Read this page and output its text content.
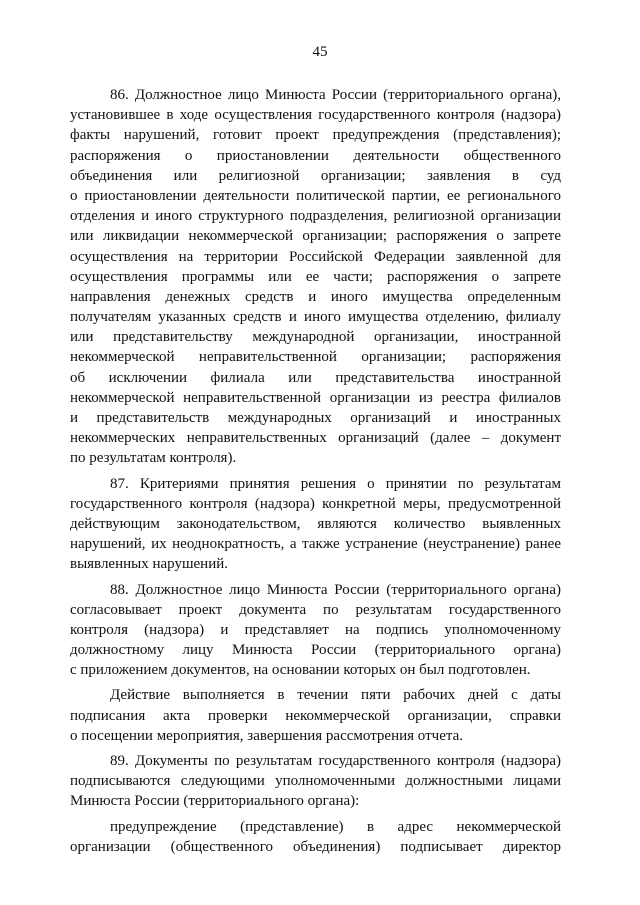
45
86. Должностное лицо Минюста России (территориального органа),
установившее в ходе осуществления государственного контроля (надзора)
факты нарушений, готовит проект предупреждения (представления);
распоряжения о приостановлении деятельности общественного
объединения или религиозной организации; заявления в суд
о приостановлении деятельности политической партии, ее регионального
отделения и иного структурного подразделения, религиозной организации
или ликвидации некоммерческой организации; распоряжения о запрете
осуществления на территории Российской Федерации заявленной для
осуществления программы или ее части; распоряжения о запрете
направления денежных средств и иного имущества определенным
получателям указанных средств и иного имущества отделению, филиалу
или представительству международной организации, иностранной
некоммерческой неправительственной организации; распоряжения
об исключении филиала или представительства иностранной
некоммерческой неправительственной организации из реестра филиалов
и представительств международных организаций и иностранных
некоммерческих неправительственных организаций (далее – документ
по результатам контроля).
87. Критериями принятия решения о принятии по результатам
государственного контроля (надзора) конкретной меры, предусмотренной
действующим законодательством, являются количество выявленных
нарушений, их неоднократность, а также устранение (неустранение) ранее
выявленных нарушений.
88. Должностное лицо Минюста России (территориального органа)
согласовывает проект документа по результатам государственного
контроля (надзора) и представляет на подпись уполномоченному
должностному лицу Минюста России (территориального органа)
с приложением документов, на основании которых он был подготовлен.
Действие выполняется в течении пяти рабочих дней с даты
подписания акта проверки некоммерческой организации, справки
о посещении мероприятия, завершения рассмотрения отчета.
89. Документы по результатам государственного контроля (надзора)
подписываются следующими уполномоченными должностными лицами
Минюста России (территориального органа):
предупреждение (представление) в адрес некоммерческой
организации (общественного объединения) подписывает директор
